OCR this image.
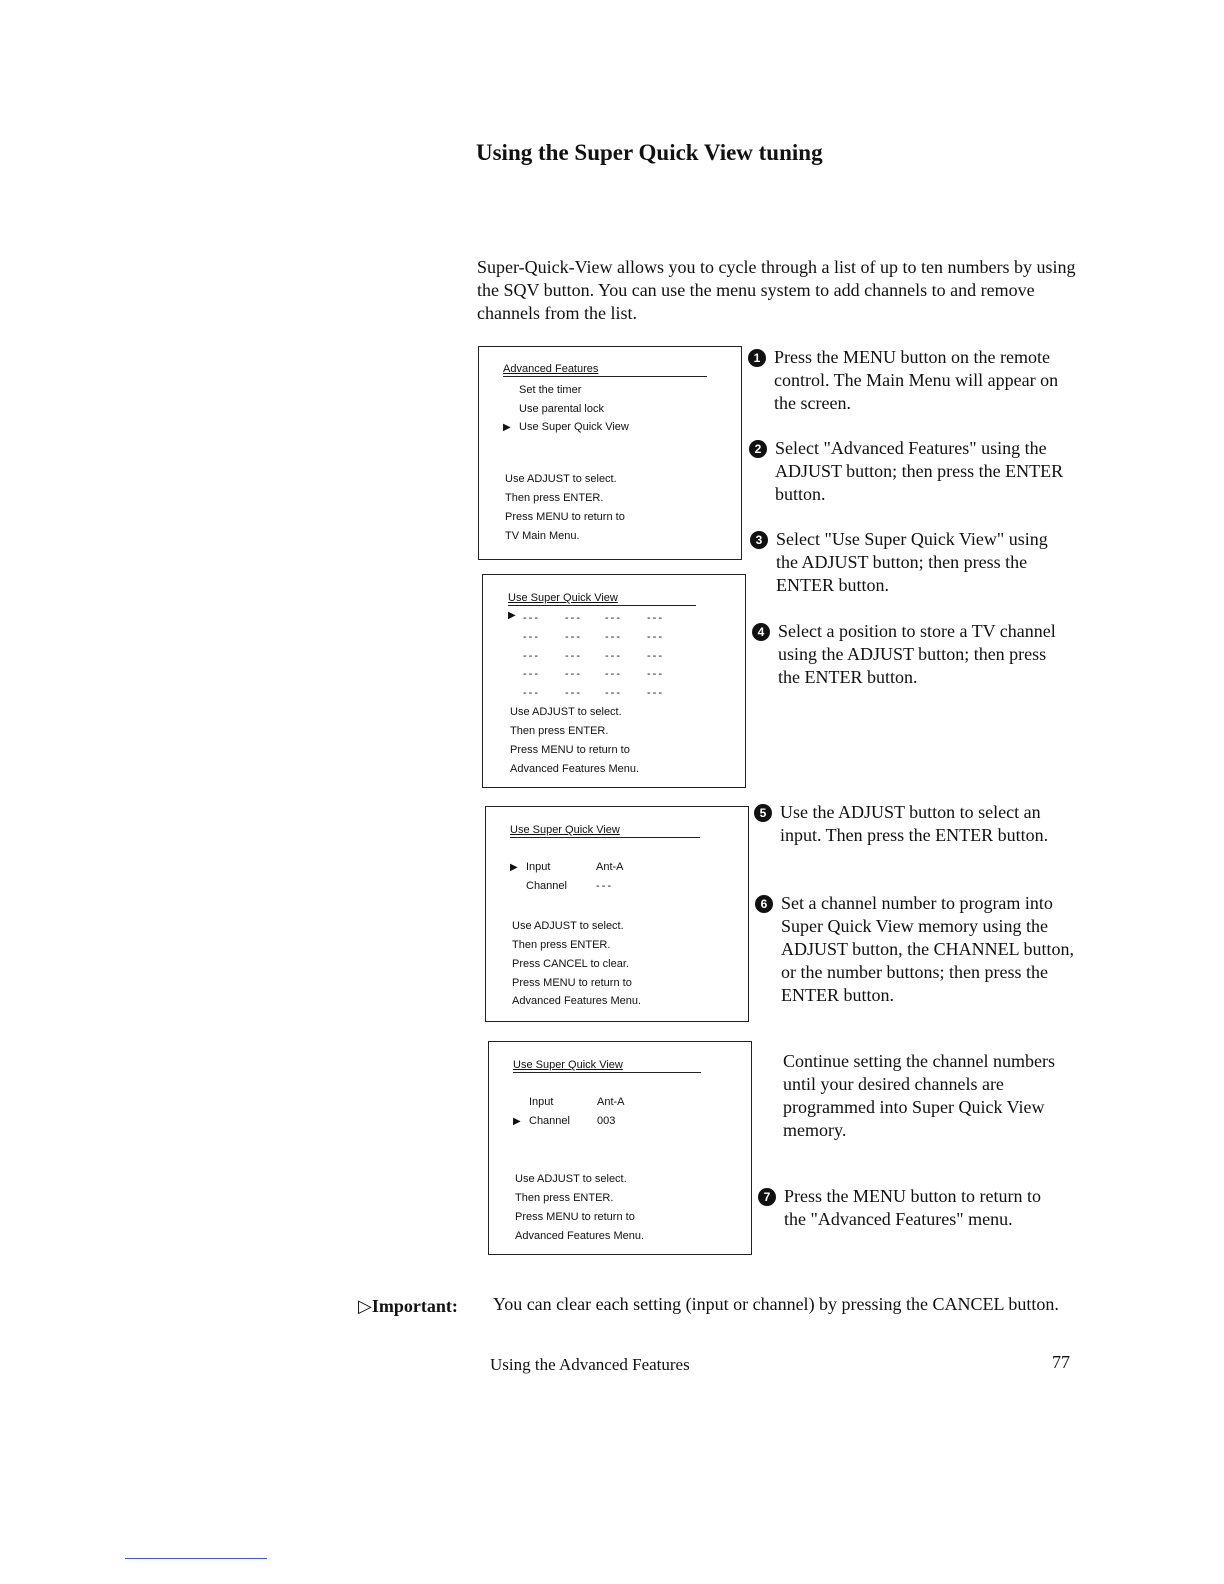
Using the Super Quick View tuning

Super-Quick-View allows you to cycle through a list of up to ten numbers by using the SQV button. You can use the menu system to add channels to and remove channels from the list.

Advanced Features
Set the timer
Use parental lock
▶ Use Super Quick View
Use ADJUST to select.
Then press ENTER.
Press MENU to return to
TV Main Menu.
Use Super Quick View
▶
Use ADJUST to select.
Then press ENTER.
Press MENU to return to
Advanced Features Menu.
--- --- --- ---
--- --- --- ---
--- --- --- ---
--- --- --- ---
--- --- --- ---
Use Super Quick View
▶ Input	Ant-A
Channel	---
Use ADJUST to select.
Then press ENTER.
Press CANCEL to clear.
Press MENU to return to
Advanced Features Menu.
Use Super Quick View
Input	Ant-A
▶ Channel 003
Use ADJUST to select.
Then press ENTER.
Press MENU to return to
Advanced Features Menu.
1 Press the MENU button on the remote control. The Main Menu will appear on the screen.

2 Select "Advanced Features" using the ADJUST button; then press the ENTER button.

3 Select "Use Super Quick View" using the ADJUST button; then press the ENTER button.

4 Select a position to store a TV channel using the ADJUST button; then press the ENTER button.

5 Use the ADJUST button to select an input. Then press the ENTER button.

6 Set a channel number to program into Super Quick View memory using the ADJUST button, the CHANNEL button, or the number buttons; then press the ENTER button.

Continue setting the channel numbers until your desired channels are programmed into Super Quick View memory.

7 Press the MENU button to return to the "Advanced Features" menu.

▷Important: You can clear each setting (input or channel) by pressing the CANCEL button.
Using the Advanced Features	77
